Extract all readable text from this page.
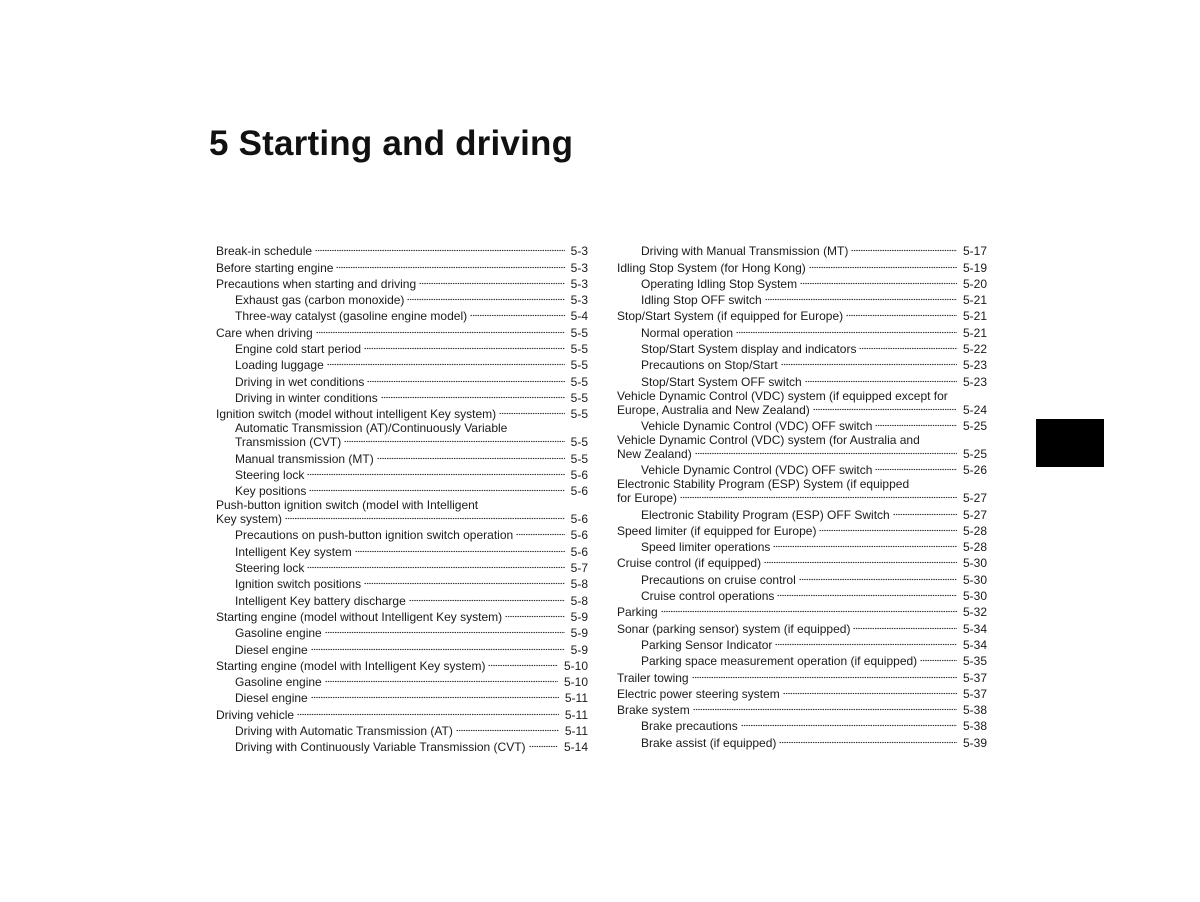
5 Starting and driving
Break-in schedule	5-3
Before starting engine	5-3
Precautions when starting and driving	5-3
Exhaust gas (carbon monoxide)	5-3
Three-way catalyst (gasoline engine model)	5-4
Care when driving	5-5
Engine cold start period	5-5
Loading luggage	5-5
Driving in wet conditions	5-5
Driving in winter conditions	5-5
Ignition switch (model without intelligent Key system)	5-5
Automatic Transmission (AT)/Continuously Variable
Transmission (CVT)	5-5
Manual transmission (MT)	5-5
Steering lock	5-6
Key positions	5-6
Push-button ignition switch (model with Intelligent
Key system)	5-6
Precautions on push-button ignition switch operation	5-6
Intelligent Key system	5-6
Steering lock	5-7
Ignition switch positions	5-8
Intelligent Key battery discharge	5-8
Starting engine (model without Intelligent Key system)	5-9
Gasoline engine	5-9
Diesel engine	5-9
Starting engine (model with Intelligent Key system)	5-10
Gasoline engine	5-10
Diesel engine	5-11
Driving vehicle	5-11
Driving with Automatic Transmission (AT)	5-11
Driving with Continuously Variable Transmission (CVT)	5-14
Driving with Manual Transmission (MT)	5-17
Idling Stop System (for Hong Kong)	5-19
Operating Idling Stop System	5-20
Idling Stop OFF switch	5-21
Stop/Start System (if equipped for Europe)	5-21
Normal operation	5-21
Stop/Start System display and indicators	5-22
Precautions on Stop/Start	5-23
Stop/Start System OFF switch	5-23
Vehicle Dynamic Control (VDC) system (if equipped except for
Europe, Australia and New Zealand)	5-24
Vehicle Dynamic Control (VDC) OFF switch	5-25
Vehicle Dynamic Control (VDC) system (for Australia and
New Zealand)	5-25
Vehicle Dynamic Control (VDC) OFF switch	5-26
Electronic Stability Program (ESP) System (if equipped
for Europe)	5-27
Electronic Stability Program (ESP) OFF Switch	5-27
Speed limiter (if equipped for Europe)	5-28
Speed limiter operations	5-28
Cruise control (if equipped)	5-30
Precautions on cruise control	5-30
Cruise control operations	5-30
Parking	5-32
Sonar (parking sensor) system (if equipped)	5-34
Parking Sensor Indicator	5-34
Parking space measurement operation (if equipped)	5-35
Trailer towing	5-37
Electric power steering system	5-37
Brake system	5-38
Brake precautions	5-38
Brake assist (if equipped)	5-39
